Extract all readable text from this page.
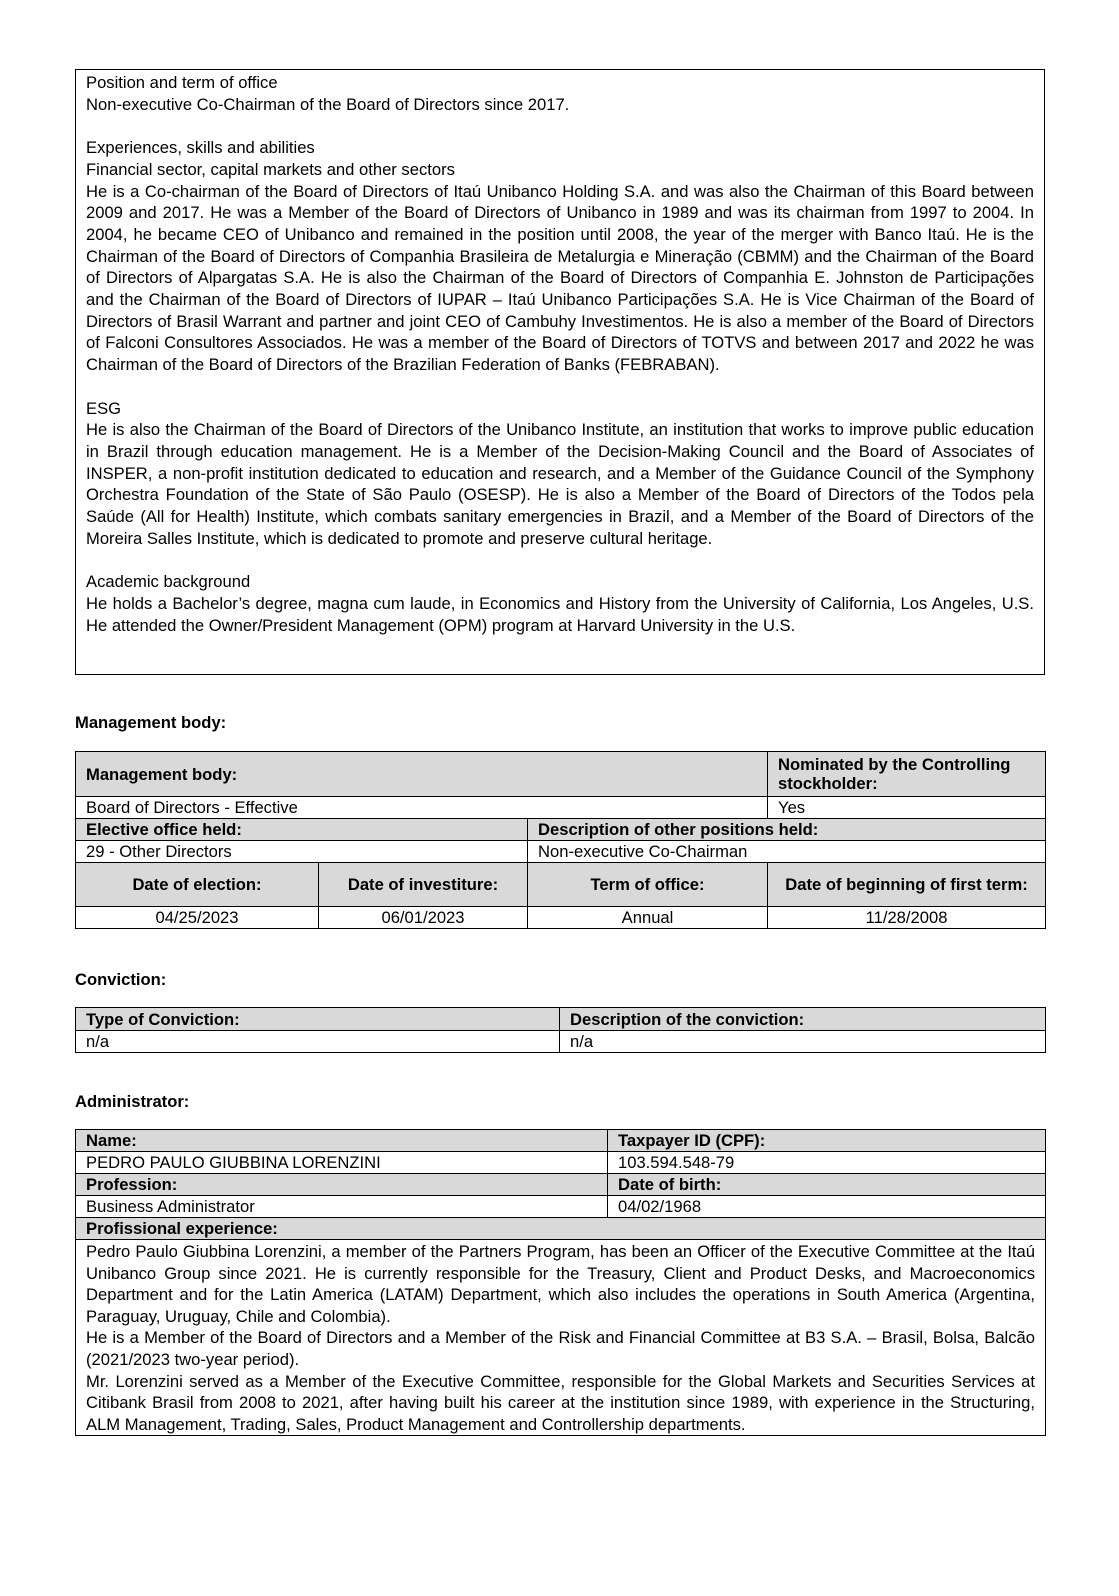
Position and term of office

Non-executive Co-Chairman of the Board of Directors since 2017.

Experiences, skills and abilities

Financial sector, capital markets and other sectors

He is a Co-chairman of the Board of Directors of Itaú Unibanco Holding S.A. and was also the Chairman of this Board between 2009 and 2017. He was a Member of the Board of Directors of Unibanco in 1989 and was its chairman from 1997 to 2004. In 2004, he became CEO of Unibanco and remained in the position until 2008, the year of the merger with Banco Itaú. He is the Chairman of the Board of Directors of Companhia Brasileira de Metalurgia e Mineração (CBMM) and the Chairman of the Board of Directors of Alpargatas S.A. He is also the Chairman of the Board of Directors of Companhia E. Johnston de Participações and the Chairman of the Board of Directors of IUPAR – Itaú Unibanco Participações S.A. He is Vice Chairman of the Board of Directors of Brasil Warrant and partner and joint CEO of Cambuhy Investimentos. He is also a member of the Board of Directors of Falconi Consultores Associados. He was a member of the Board of Directors of TOTVS and between 2017 and 2022 he was Chairman of the Board of Directors of the Brazilian Federation of Banks (FEBRABAN).

ESG

He is also the Chairman of the Board of Directors of the Unibanco Institute, an institution that works to improve public education in Brazil through education management. He is a Member of the Decision-Making Council and the Board of Associates of INSPER, a non-profit institution dedicated to education and research, and a Member of the Guidance Council of the Symphony Orchestra Foundation of the State of São Paulo (OSESP). He is also a Member of the Board of Directors of the Todos pela Saúde (All for Health) Institute, which combats sanitary emergencies in Brazil, and a Member of the Board of Directors of the Moreira Salles Institute, which is dedicated to promote and preserve cultural heritage.

Academic background

He holds a Bachelor’s degree, magna cum laude, in Economics and History from the University of California, Los Angeles, U.S. He attended the Owner/President Management (OPM) program at Harvard University in the U.S.

Management body:
Management body:			Nominated by the Controlling stockholder:
Board of Directors - Effective			Yes
Elective office held:		Description of other positions held:	
29 - Other Directors		Non-executive Co-Chairman	
Date of election:	Date of investiture:	Term of office:	Date of beginning of first term:
04/25/2023	06/01/2023	Annual	11/28/2008
Conviction:
Type of Conviction:	Description of the conviction:
n/a	n/a
Administrator:
Name:	Taxpayer ID (CPF):
PEDRO PAULO GIUBBINA LORENZINI	103.594.548-79
Profession:	Date of birth:
Business Administrator	04/02/1968
Profissional experience:	

Pedro Paulo Giubbina Lorenzini, a member of the Partners Program, has been an Officer of the Executive Committee at the Itaú Unibanco Group since 2021. He is currently responsible for the Treasury, Client and Product Desks, and Macroeconomics Department and for the Latin America (LATAM) Department, which also includes the operations in South America (Argentina, Paraguay, Uruguay, Chile and Colombia).

He is a Member of the Board of Directors and a Member of the Risk and Financial Committee at B3 S.A. – Brasil, Bolsa, Balcão (2021/2023 two-year period).

Mr. Lorenzini served as a Member of the Executive Committee, responsible for the Global Markets and Securities Services at Citibank Brasil from 2008 to 2021, after having built his career at the institution since 1989, with experience in the Structuring, ALM Management, Trading, Sales, Product Management and Controllership departments.	
